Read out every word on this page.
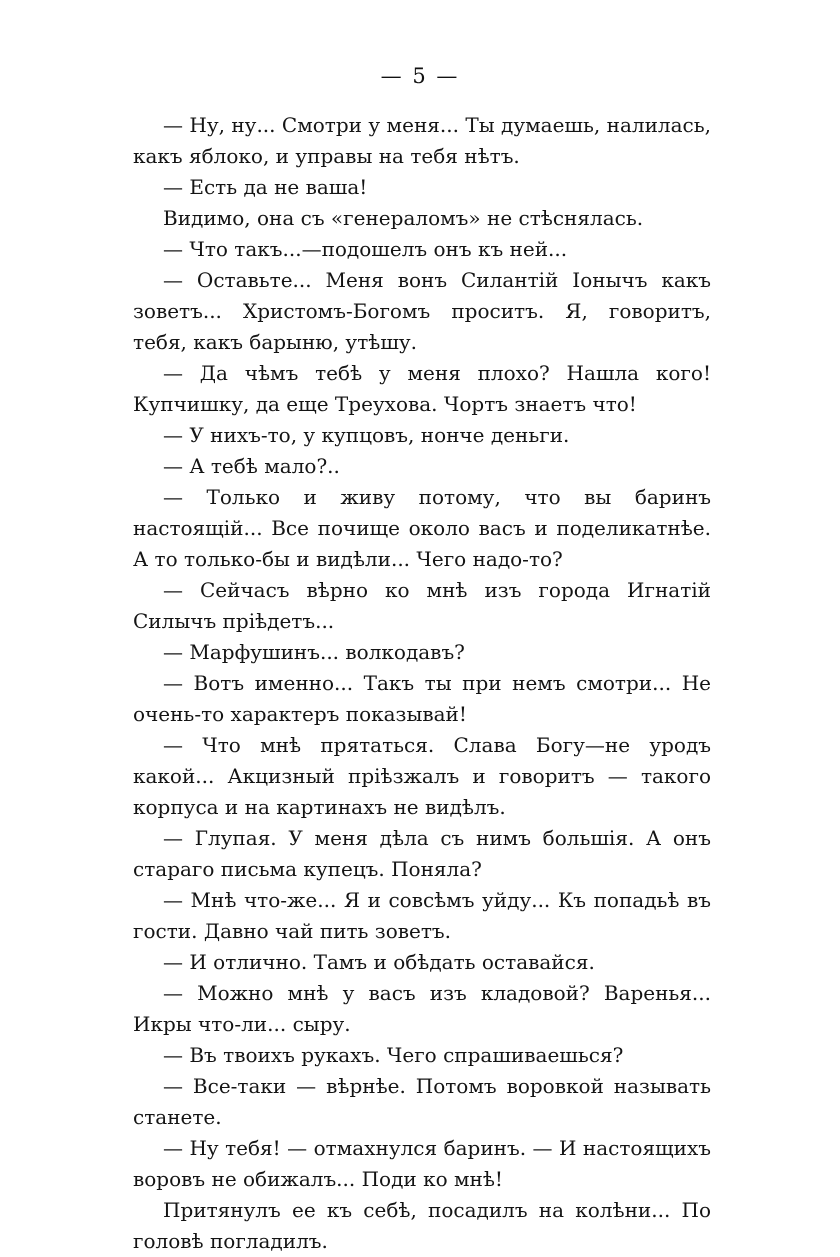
— 5 —

— Ну, ну... Смотри у меня... Ты думаешь, налилась, какъ яблоко, и управы на тебя нѣтъ.

— Есть да не ваша!

Видимо, она съ «генераломъ» не стѣснялась.

— Что такъ...—подошелъ онъ къ ней...

— Оставьте... Меня вонъ Силантій Іонычъ какъ зоветъ... Христомъ-Богомъ проситъ. Я, говоритъ, тебя, какъ барыню, утѣшу.

— Да чѣмъ тебѣ у меня плохо? Нашла кого! Купчишку, да еще Треухова. Чортъ знаетъ что!

— У нихъ-то, у купцовъ, нонче деньги.

— А тебѣ мало?..

— Только и живу потому, что вы баринъ настоящій... Все почище около васъ и поделикатнѣе. А то только-бы и видѣли... Чего надо-то?

— Сейчасъ вѣрно ко мнѣ изъ города Игнатій Силычъ пріѣдетъ...

— Марфушинъ... волкодавъ?

— Вотъ именно... Такъ ты при немъ смотри... Не очень-то характеръ показывай!

— Что мнѣ прятаться. Слава Богу—не уродъ какой... Акцизный пріѣзжалъ и говоритъ — такого корпуса и на картинахъ не видѣлъ.

— Глупая. У меня дѣла съ нимъ большія. А онъ стараго письма купецъ. Поняла?

— Мнѣ что-же... Я и совсѣмъ уйду... Къ попадьѣ въ гости. Давно чай пить зоветъ.

— И отлично. Тамъ и обѣдать оставайся.

— Можно мнѣ у васъ изъ кладовой? Варенья... Икры что-ли... сыру.

— Въ твоихъ рукахъ. Чего спрашиваешься?

— Все-таки — вѣрнѣе. Потомъ воровкой называть станете.

— Ну тебя! — отмахнулся баринъ. — И настоящихъ воровъ не обижалъ... Поди ко мнѣ!

Притянулъ ее къ себѣ, посадилъ на колѣни... По головѣ погладилъ.
